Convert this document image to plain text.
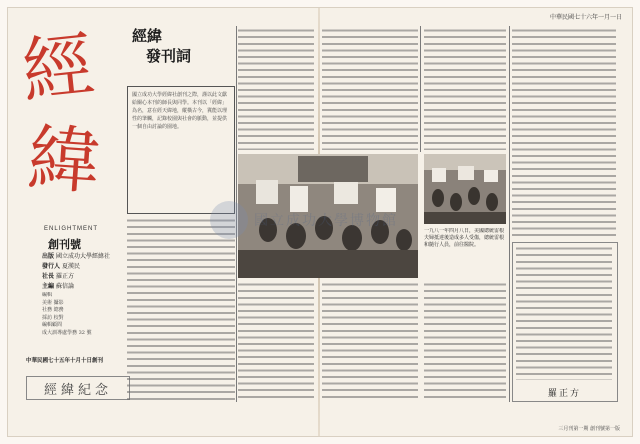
中華民國七十六年一月一日
經
緯
ENLIGHTMENT
經緯
發刊詞
國立成功大學經緯社創刊之際，謹以此文獻給關心本刊的師長與同學。本刊以「經緯」為名，意在經天緯地，縱橫古今，冀能以理性的筆觸，記錄校園與社會的脈動，並提供一個自由討論的園地。
創刊號
出版 國立成功大學經緯社
發行人 夏漢民
社長 羅正方
主編 蘇信論
編輯
美術 攝影
社務 總務
採訪 校對
編輯顧問
成大訓導處學務 32 號
中華民國七十五年十月十日創刊
經緯紀念
一九八一年四月八日，美國總統雷根夫婦抵達後造成多人受傷，總統雷根和隨行人員，前往醫院。
羅正方
國立成功大學博物館
三月刊第一期 創刊號第一版
